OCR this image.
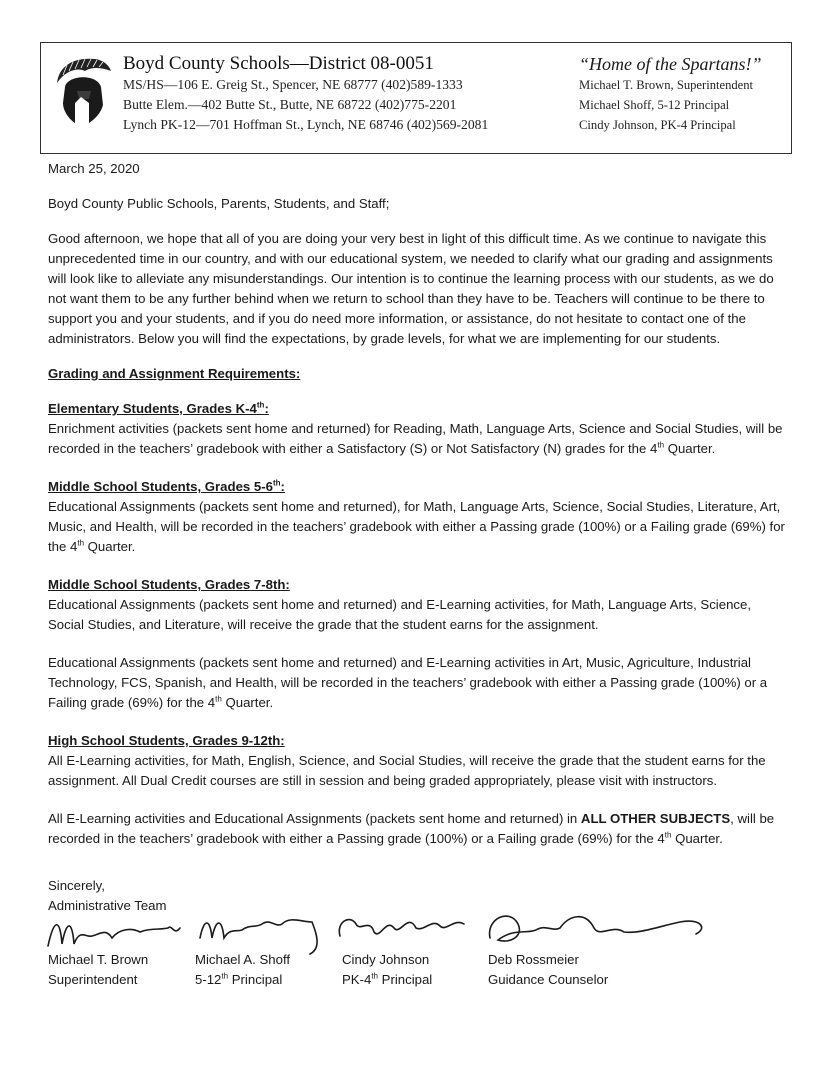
Boyd County Schools—District 08-0051
MS/HS—106 E. Greig St., Spencer, NE 68777 (402)589-1333
Butte Elem.—402 Butte St., Butte, NE 68722 (402)775-2201
Lynch PK-12—701 Hoffman St., Lynch, NE 68746 (402)569-2081
“Home of the Spartans!”
Michael T. Brown, Superintendent
Michael Shoff, 5-12 Principal
Cindy Johnson, PK-4 Principal

March 25, 2020

Boyd County Public Schools, Parents, Students, and Staff;

Good afternoon, we hope that all of you are doing your very best in light of this difficult time. As we continue to navigate this unprecedented time in our country, and with our educational system, we needed to clarify what our grading and assignments will look like to alleviate any misunderstandings. Our intention is to continue the learning process with our students, as we do not want them to be any further behind when we return to school than they have to be. Teachers will continue to be there to support you and your students, and if you do need more information, or assistance, do not hesitate to contact one of the administrators. Below you will find the expectations, by grade levels, for what we are implementing for our students.

Grading and Assignment Requirements:

Elementary Students, Grades K-4th:

Enrichment activities (packets sent home and returned) for Reading, Math, Language Arts, Science and Social Studies, will be recorded in the teachers’ gradebook with either a Satisfactory (S) or Not Satisfactory (N) grades for the 4th Quarter.

Middle School Students, Grades 5-6th:

Educational Assignments (packets sent home and returned), for Math, Language Arts, Science, Social Studies, Literature, Art, Music, and Health, will be recorded in the teachers’ gradebook with either a Passing grade (100%) or a Failing grade (69%) for the 4th Quarter.

Middle School Students, Grades 7-8th:

Educational Assignments (packets sent home and returned) and E-Learning activities, for Math, Language Arts, Science, Social Studies, and Literature, will receive the grade that the student earns for the assignment.

Educational Assignments (packets sent home and returned) and E-Learning activities in Art, Music, Agriculture, Industrial Technology, FCS, Spanish, and Health, will be recorded in the teachers’ gradebook with either a Passing grade (100%) or a Failing grade (69%) for the 4th Quarter.

High School Students, Grades 9-12th:

All E-Learning activities, for Math, English, Science, and Social Studies, will receive the grade that the student earns for the assignment. All Dual Credit courses are still in session and being graded appropriately, please visit with instructors.

All E-Learning activities and Educational Assignments (packets sent home and returned) in ALL OTHER SUBJECTS, will be recorded in the teachers’ gradebook with either a Passing grade (100%) or a Failing grade (69%) for the 4th Quarter.

Sincerely,
Administrative Team
Michael T. Brown
Superintendent
Michael A. Shoff
5-12th Principal
Cindy Johnson
PK-4th Principal
Deb Rossmeier
Guidance Counselor
